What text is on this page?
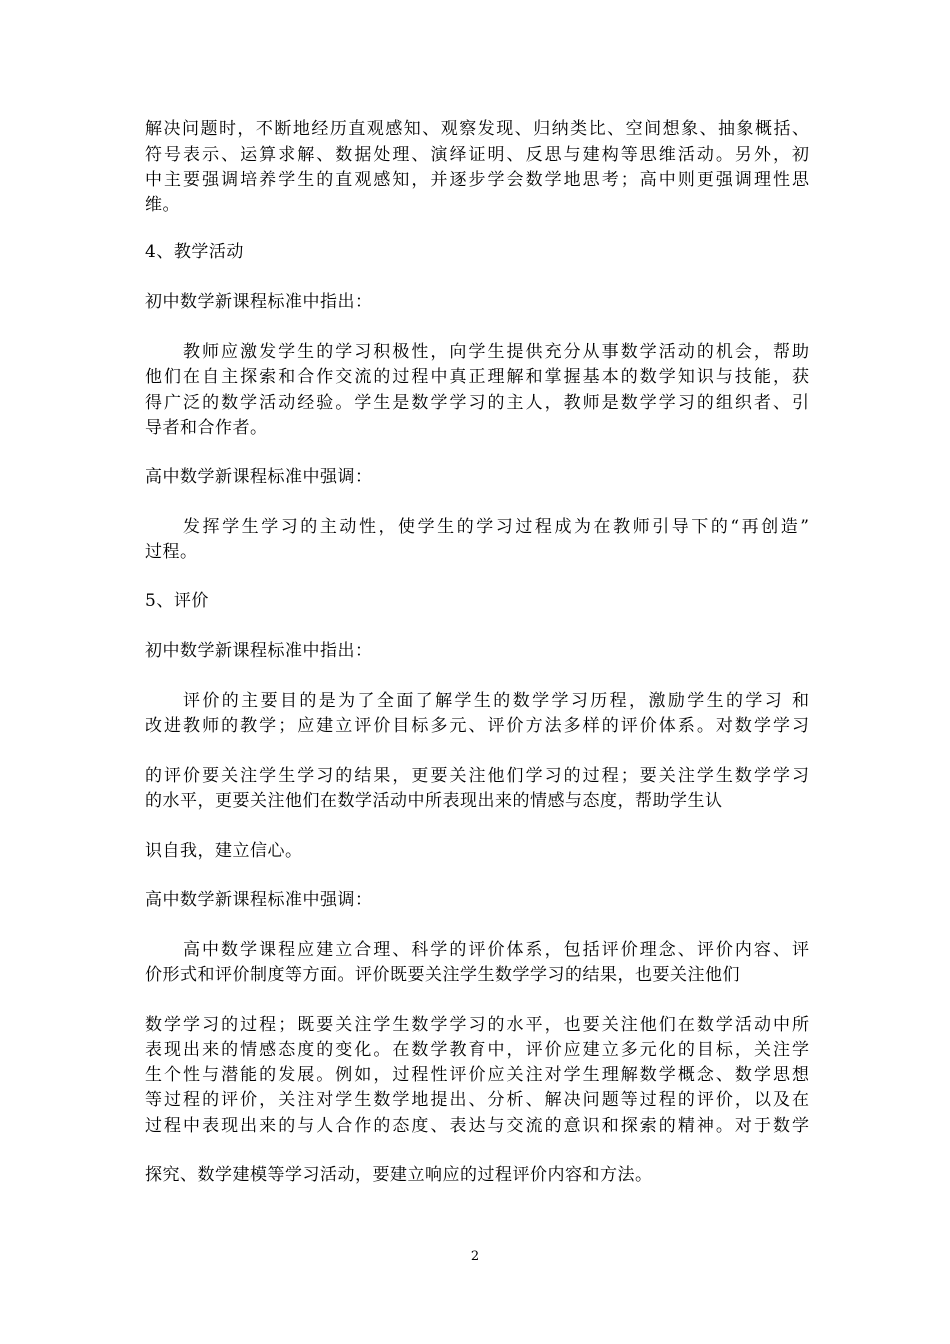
解决问题时，不断地经历直观感知、观察发现、归纳类比、空间想象、抽象概括、
符号表示、运算求解、数据处理、演绎证明、反思与建构等思维活动。另外，初
中主要强调培养学生的直观感知，并逐步学会数学地思考；高中则更强调理性思
维。
4、教学活动
初中数学新课程标准中指出：
教师应激发学生的学习积极性，向学生提供充分从事数学活动的机会，帮助
他们在自主探索和合作交流的过程中真正理解和掌握基本的数学知识与技能，获
得广泛的数学活动经验。学生是数学学习的主人，教师是数学学习的组织者、引
导者和合作者。
高中数学新课程标准中强调：
发挥学生学习的主动性，使学生的学习过程成为在教师引导下的“再创造”
过程。
5、评价
初中数学新课程标准中指出：
评价的主要目的是为了全面了解学生的数学学习历程，激励学生的学习 和
改进教师的教学；应建立评价目标多元、评价方法多样的评价体系。对数学学习
的评价要关注学生学习的结果，更要关注他们学习的过程；要关注学生数学学习
的水平，更要关注他们在数学活动中所表现出来的情感与态度，帮助学生认
识自我，建立信心。
高中数学新课程标准中强调：
高中数学课程应建立合理、科学的评价体系，包括评价理念、评价内容、评
价形式和评价制度等方面。评价既要关注学生数学学习的结果，也要关注他们
数学学习的过程；既要关注学生数学学习的水平，也要关注他们在数学活动中所
表现出来的情感态度的变化。在数学教育中，评价应建立多元化的目标，关注学
生个性与潜能的发展。例如，过程性评价应关注对学生理解数学概念、数学思想
等过程的评价，关注对学生数学地提出、分析、解决问题等过程的评价，以及在
过程中表现出来的与人合作的态度、表达与交流的意识和探索的精神。对于数学
探究、数学建模等学习活动，要建立响应的过程评价内容和方法。
2
